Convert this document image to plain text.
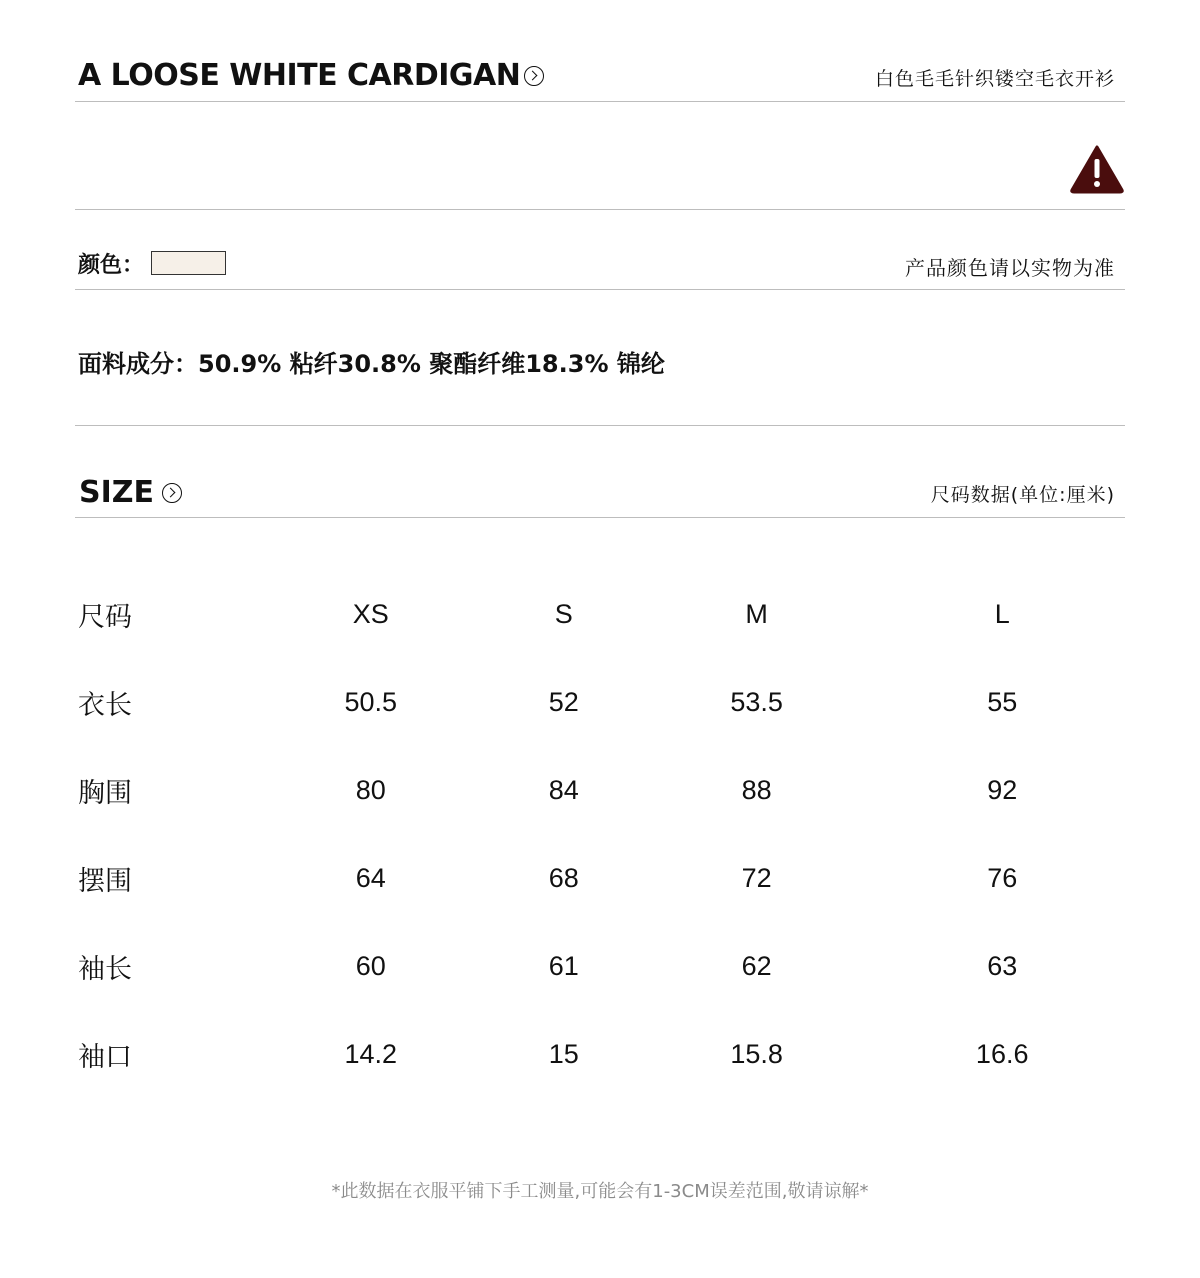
A LOOSE WHITE CARDIGAN	白色毛毛针织镂空毛衣开衫
颜色：	产品颜色请以实物为准
面料成分：50.9% 粘纤30.8% 聚酯纤维18.3% 锦纶
SIZE	尺码数据(单位:厘米)
尺码	XS	S	M	L
衣长	50.5	52	53.5	55
胸围	80	84	88	92
摆围	64	68	72	76
袖长	60	61	62	63
袖口	14.2	15	15.8	16.6
*此数据在衣服平铺下手工测量,可能会有1-3CM误差范围,敬请谅解*
